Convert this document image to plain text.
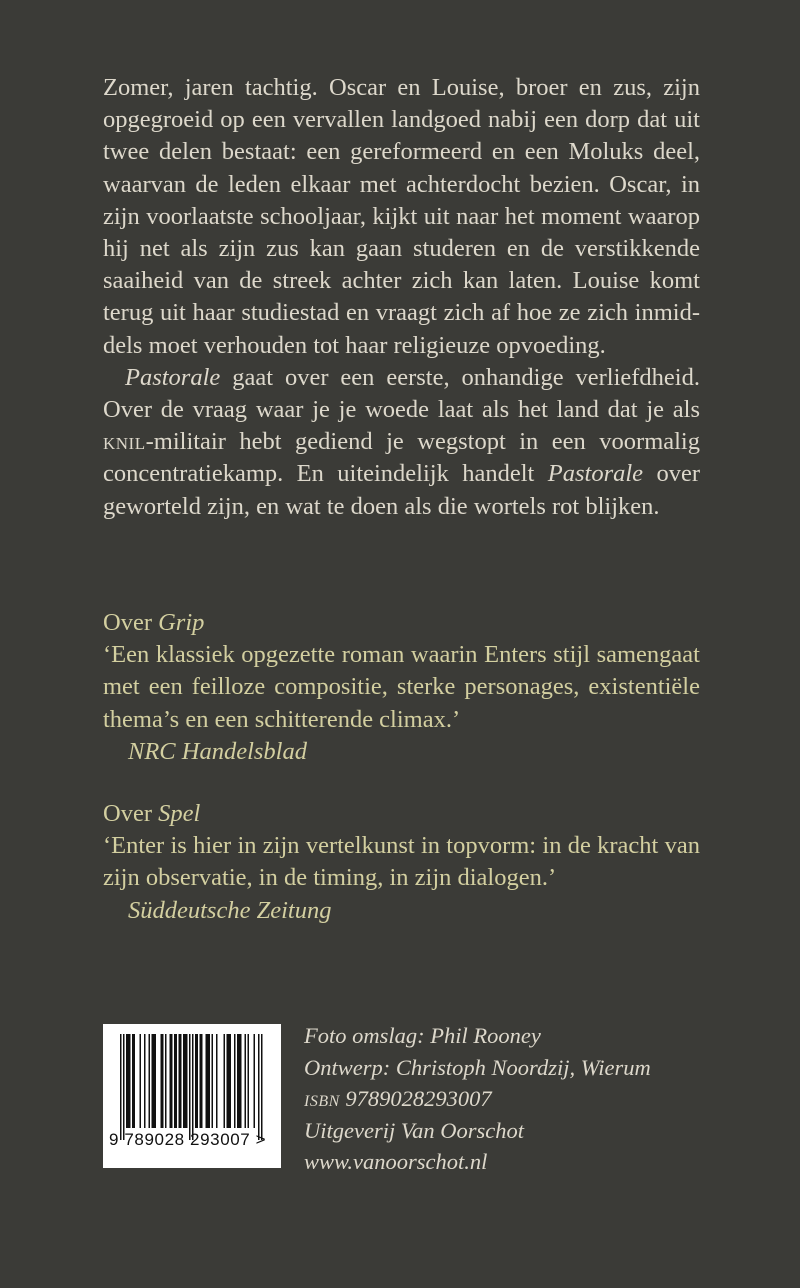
Zomer, jaren tachtig. Oscar en Louise, broer en zus, zijn opgegroeid op een vervallen landgoed nabij een dorp dat uit twee delen bestaat: een gereformeerd en een Moluks deel, waarvan de leden elkaar met achterdocht bezien. Oscar, in zijn voorlaatste schooljaar, kijkt uit naar het moment waarop hij net als zijn zus kan gaan studeren en de verstikkende saaiheid van de streek achter zich kan laten. Louise komt terug uit haar studiestad en vraagt zich af hoe ze zich inmiddels moet verhouden tot haar religieuze opvoeding.

Pastorale gaat over een eerste, onhandige verliefdheid. Over de vraag waar je je woede laat als het land dat je als knil-militair hebt gediend je wegstopt in een voormalig concentratiekamp. En uiteindelijk handelt Pastorale over geworteld zijn, en wat te doen als die wortels rot blijken.

Over Grip
‘Een klassiek opgezette roman waarin Enters stijl samengaat met een feilloze compositie, sterke personages, existentiële thema’s en een schitterende climax.’
NRC Handelsblad
Over Spel
‘Enter is hier in zijn vertelkunst in topvorm: in de kracht van zijn observatie, in de timing, in zijn dialogen.’
Süddeutsche Zeitung
9 789028 293007 >
Foto omslag: Phil Rooney
Ontwerp: Christoph Noordzij, Wierum
isbn 9789028293007
Uitgeverij Van Oorschot
www.vanoorschot.nl
